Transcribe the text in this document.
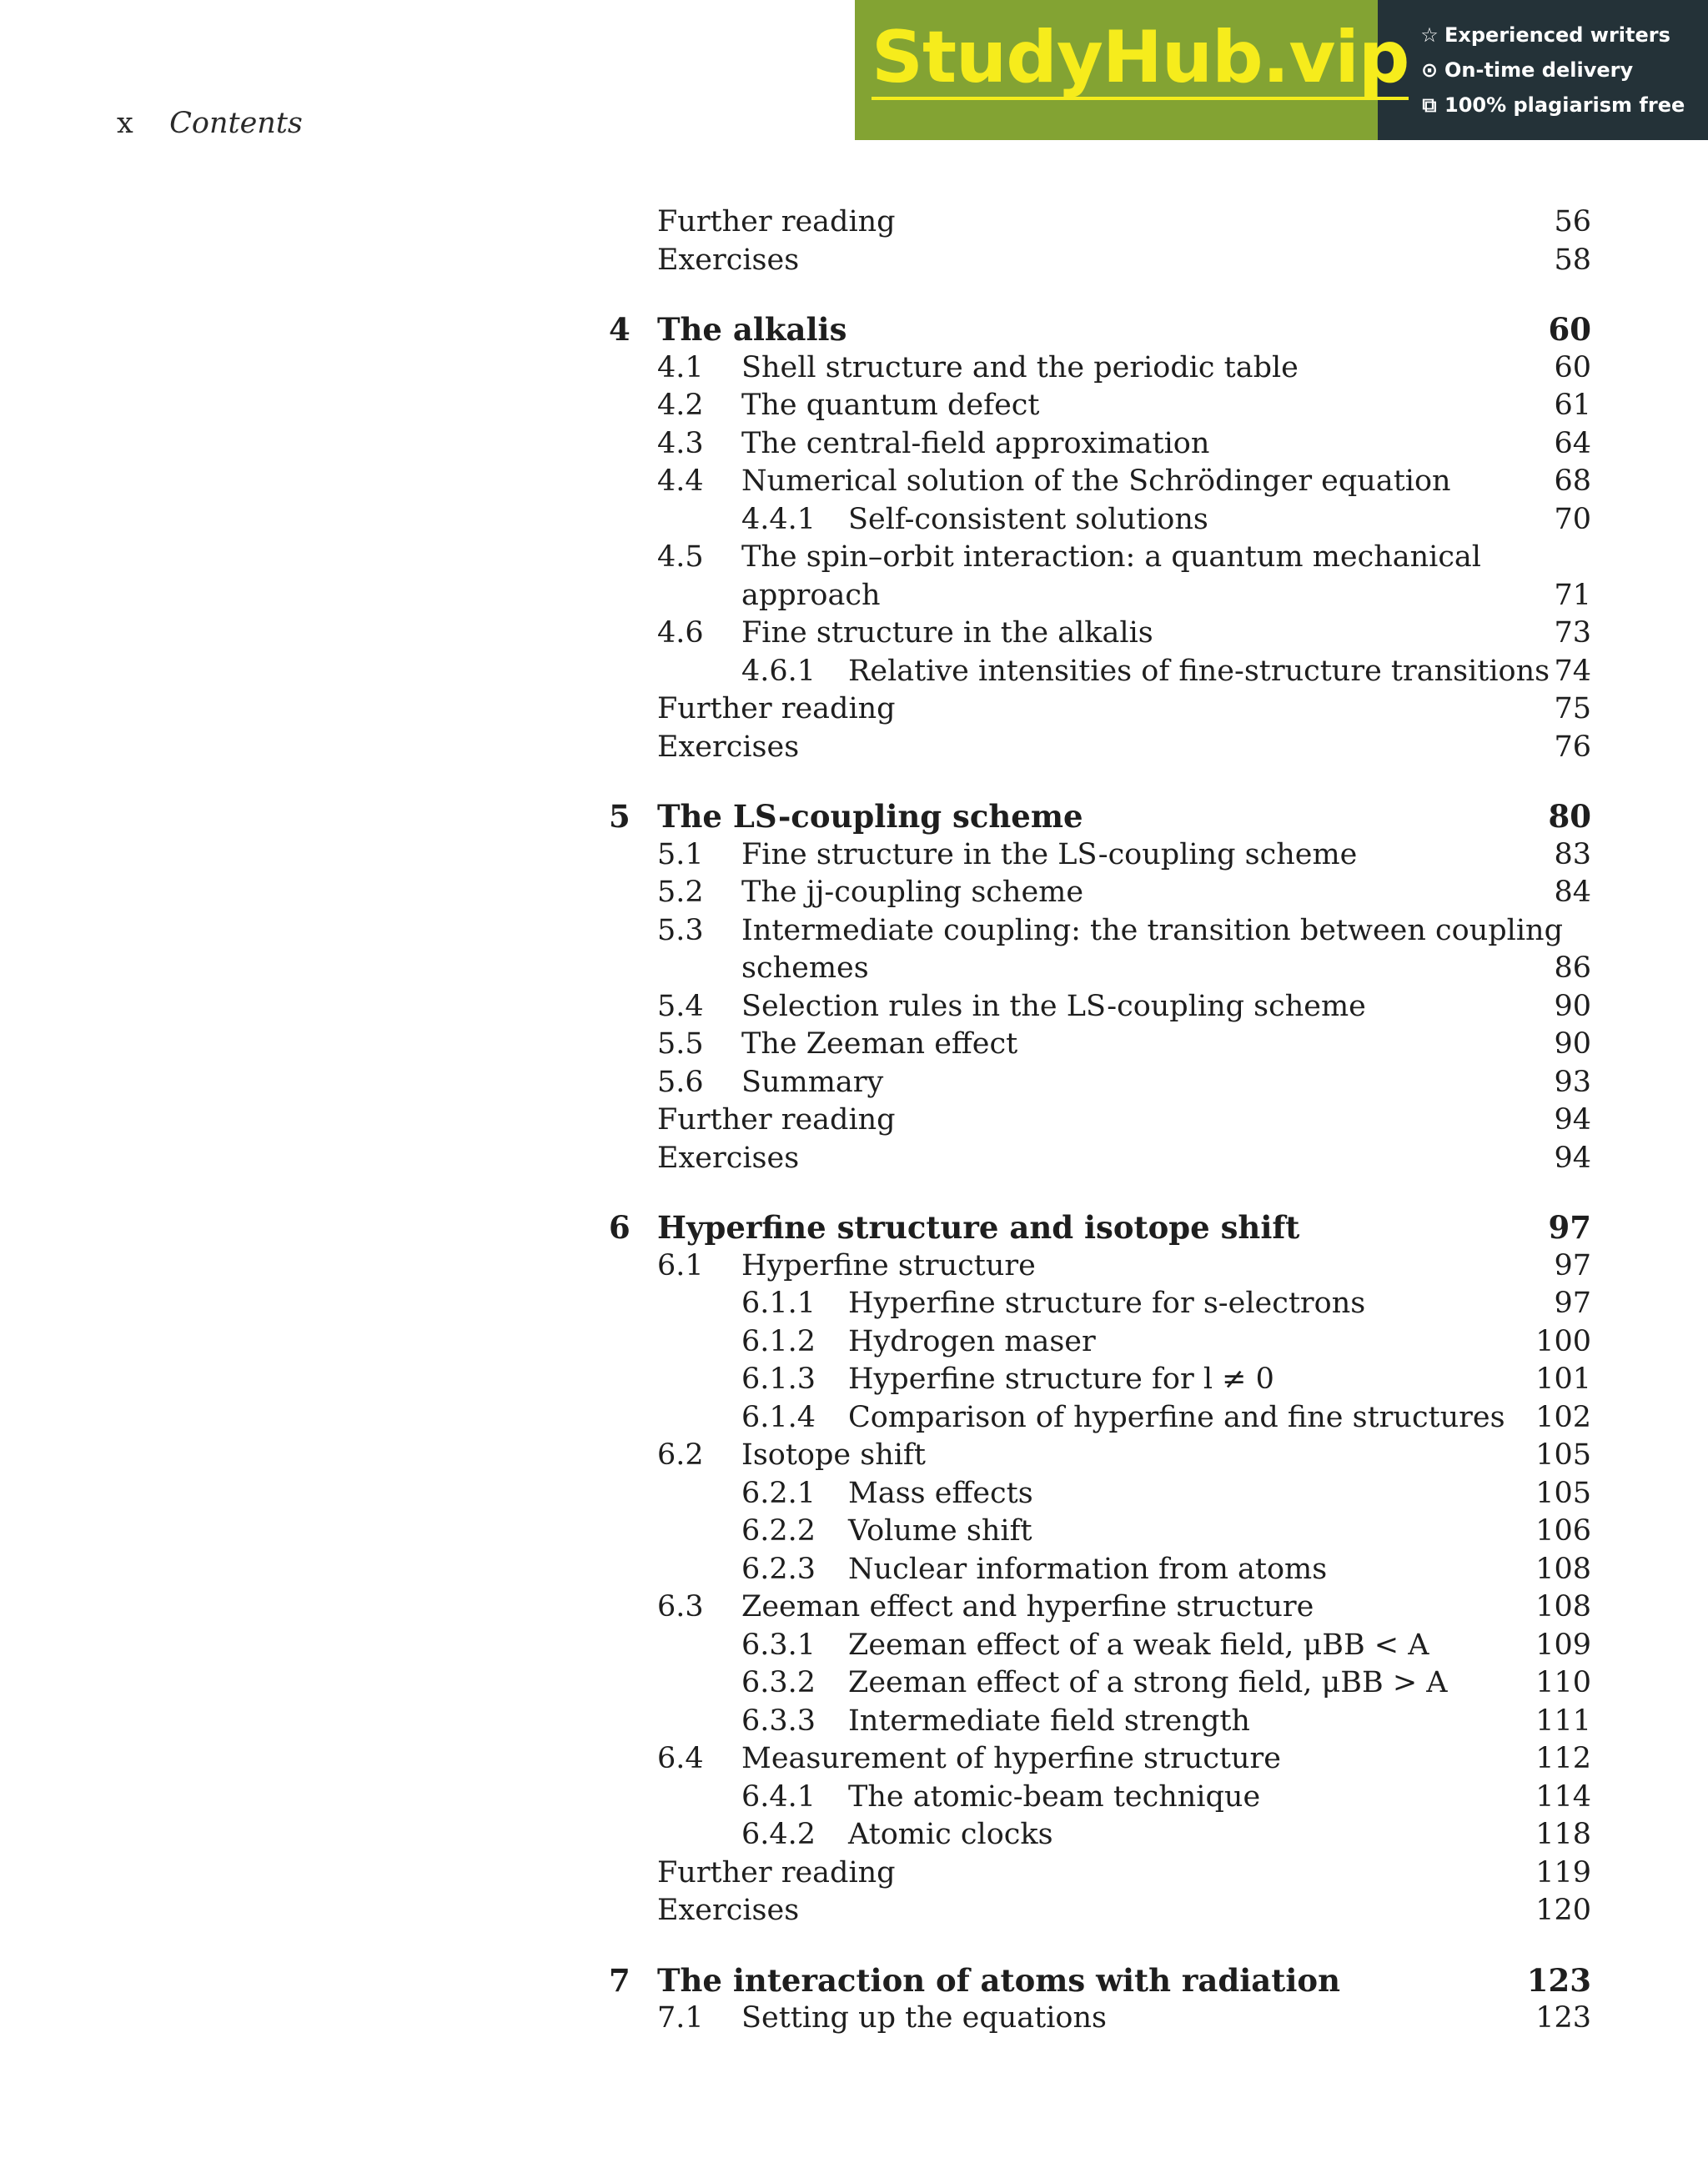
x Contents
StudyHub.vip ☆ Experienced writers
⊙ On-time delivery
⧉ 100% plagiarism free
Further reading	56
Exercises	58
4 The alkalis	60
4.1 Shell structure and the periodic table	60
4.2 The quantum defect	61
4.3 The central-field approximation	64
4.4 Numerical solution of the Schrödinger equation	68
4.4.1 Self-consistent solutions	70
4.5 The spin–orbit interaction: a quantum mechanical
approach	71
4.6 Fine structure in the alkalis	73
4.6.1 Relative intensities of fine-structure transitions 74
Further reading	75
Exercises	76
5 The LS-coupling scheme	80
5.1 Fine structure in the LS-coupling scheme	83
5.2 The jj-coupling scheme	84
5.3 Intermediate coupling: the transition between coupling
schemes	86
5.4 Selection rules in the LS-coupling scheme	90
5.5 The Zeeman effect	90
5.6 Summary	93
Further reading	94
Exercises	94
6 Hyperfine structure and isotope shift	97
6.1 Hyperfine structure	97
6.1.1 Hyperfine structure for s-electrons	97
6.1.2 Hydrogen maser	100
6.1.3 Hyperfine structure for l ≠ 0	101
6.1.4 Comparison of hyperfine and fine structures 102
6.2 Isotope shift	105
6.2.1 Mass effects	105
6.2.2 Volume shift	106
6.2.3 Nuclear information from atoms	108
6.3 Zeeman effect and hyperfine structure	108
6.3.1 Zeeman effect of a weak field, μBB < A	109
6.3.2 Zeeman effect of a strong field, μBB > A	110
6.3.3 Intermediate field strength	111
6.4 Measurement of hyperfine structure	112
6.4.1 The atomic-beam technique	114
6.4.2 Atomic clocks	118
Further reading	119
Exercises	120
7 The interaction of atoms with radiation	123
7.1 Setting up the equations	123
